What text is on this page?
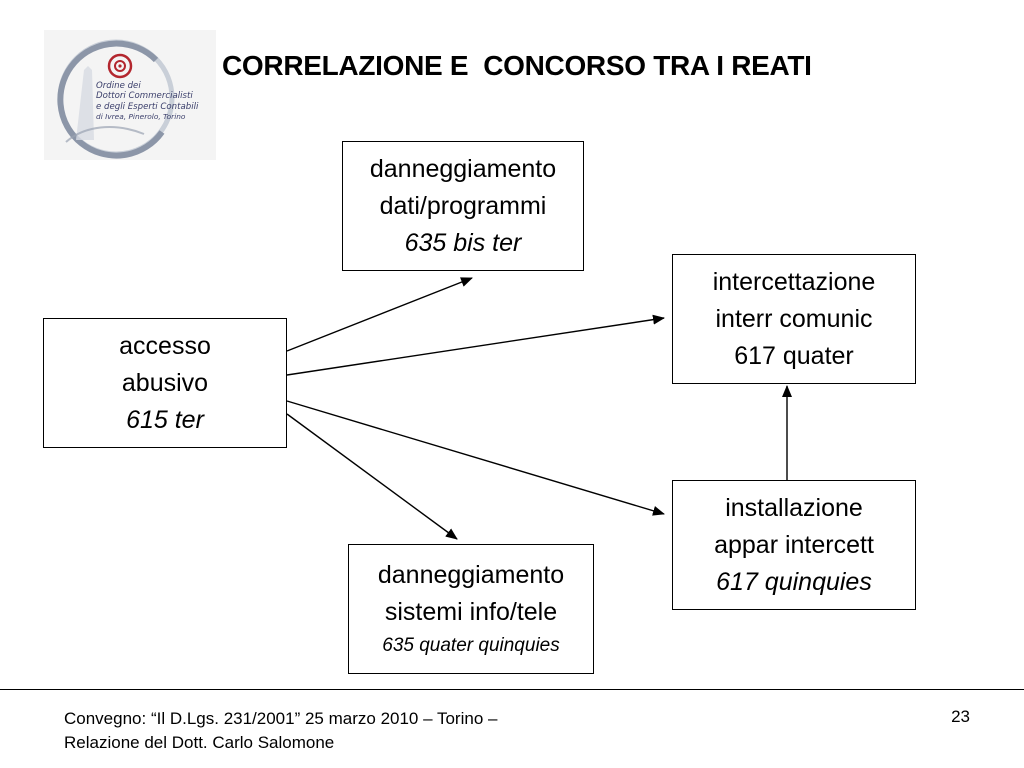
Ordine dei
Dottori Commercialisti
e degli Esperti Contabili
di Ivrea, Pinerolo, Torino
CORRELAZIONE E  CONCORSO TRA I REATI
accesso
abusivo
615 ter
danneggiamento
dati/programmi
635 bis ter
intercettazione
interr comunic
617 quater
installazione
appar intercett
617 quinquies
danneggiamento
sistemi info/tele
635 quater quinquies
Convegno: “Il D.Lgs. 231/2001” 25 marzo 2010 – Torino –
Relazione del Dott. Carlo Salomone
23
